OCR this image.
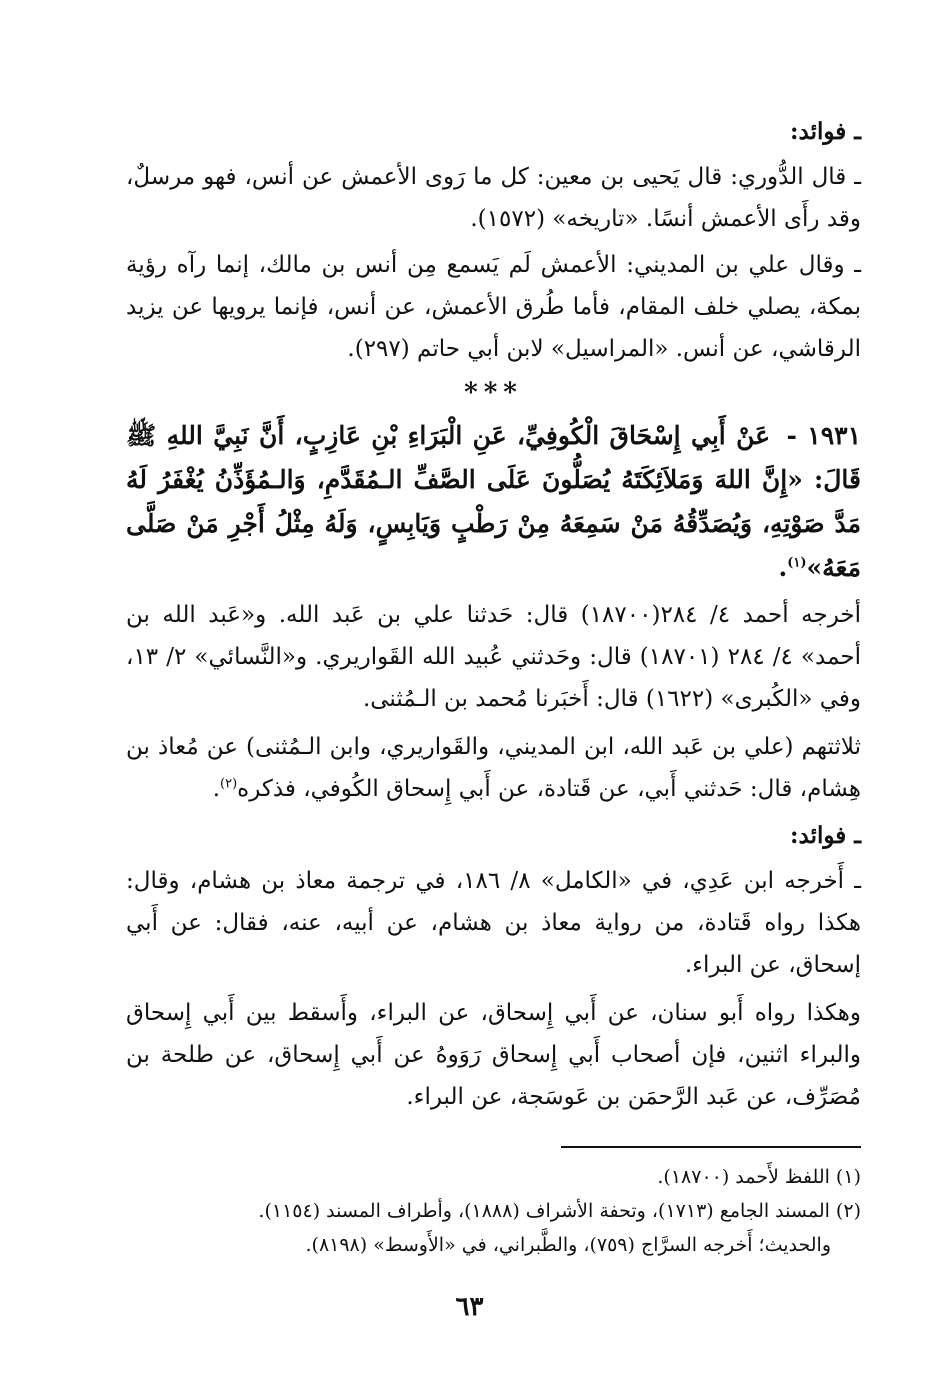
ـ فوائد:

ـ قال الدُّوري: قال يَحيى بن معين: كل ما رَوى الأعمش عن أنس، فهو مرسلٌ، وقد رأَى الأعمش أنسًا. «تاريخه» (١٥٧٢).

ـ وقال علي بن المديني: الأعمش لَم يَسمع مِن أنس بن مالك، إنما رآه رؤية بمكة، يصلي خلف المقام، فأما طُرق الأعمش، عن أنس، فإنما يرويها عن يزيد الرقاشي، عن أنس. «المراسيل» لابن أبي حاتم (٢٩٧).

***

١٩٣١ - عَنْ أَبِي إِسْحَاقَ الْكُوفِيِّ، عَنِ الْبَرَاءِ بْنِ عَازِبٍ، أَنَّ نَبِيَّ اللهِ ﷺ قَالَ: «إِنَّ اللهَ وَمَلاَئِكَتَهُ يُصَلُّونَ عَلَى الصَّفِّ الـمُقَدَّمِ، وَالـمُؤَذِّنُ يُغْفَرُ لَهُ مَدَّ صَوْتِهِ، وَيُصَدِّقُهُ مَنْ سَمِعَهُ مِنْ رَطْبٍ وَيَابِسٍ، وَلَهُ مِثْلُ أَجْرِ مَنْ صَلَّى مَعَهُ»$^{(١)}$.

أخرجه أحمد ٤/ ٢٨٤(١٨٧٠٠) قال: حَدثنا علي بن عَبد الله. و«عَبد الله بن أحمد» ٤/ ٢٨٤ (١٨٧٠١) قال: وحَدثني عُبيد الله القَواريري. و«النَّسائي» ٢/ ١٣، وفي «الكُبرى» (١٦٢٢) قال: أَخبَرنا مُحمد بن الـمُثنى.

ثلاثتهم (علي بن عَبد الله، ابن المديني، والقَواريري، وابن الـمُثنى) عن مُعاذ بن هِشام، قال: حَدثني أَبي، عن قَتادة، عن أَبي إِسحاق الكُوفي، فذكره$^{(٢)}$.

ـ فوائد:

ـ أَخرجه ابن عَدِي، في «الكامل» ٨/ ١٨٦، في ترجمة معاذ بن هشام، وقال: هكذا رواه قَتادة، من رواية معاذ بن هشام، عن أبيه، عنه، فقال: عن أَبي إسحاق، عن البراء.

وهكذا رواه أَبو سنان، عن أَبي إِسحاق، عن البراء، وأَسقط بين أَبي إِسحاق والبراء اثنين، فإن أصحاب أَبي إِسحاق رَوَوهُ عن أَبي إِسحاق، عن طلحة بن مُصَرِّف، عن عَبد الرَّحمَن بن عَوسَجة، عن البراء.

(١) اللفظ لأَحمد (١٨٧٠٠).

(٢) المسند الجامع (١٧١٣)، وتحفة الأشراف (١٨٨٨)، وأطراف المسند (١١٥٤).

والحديث؛ أَخرجه السرَّاج (٧٥٩)، والطَّبراني، في «الأَوسط» (٨١٩٨).

٦٣
